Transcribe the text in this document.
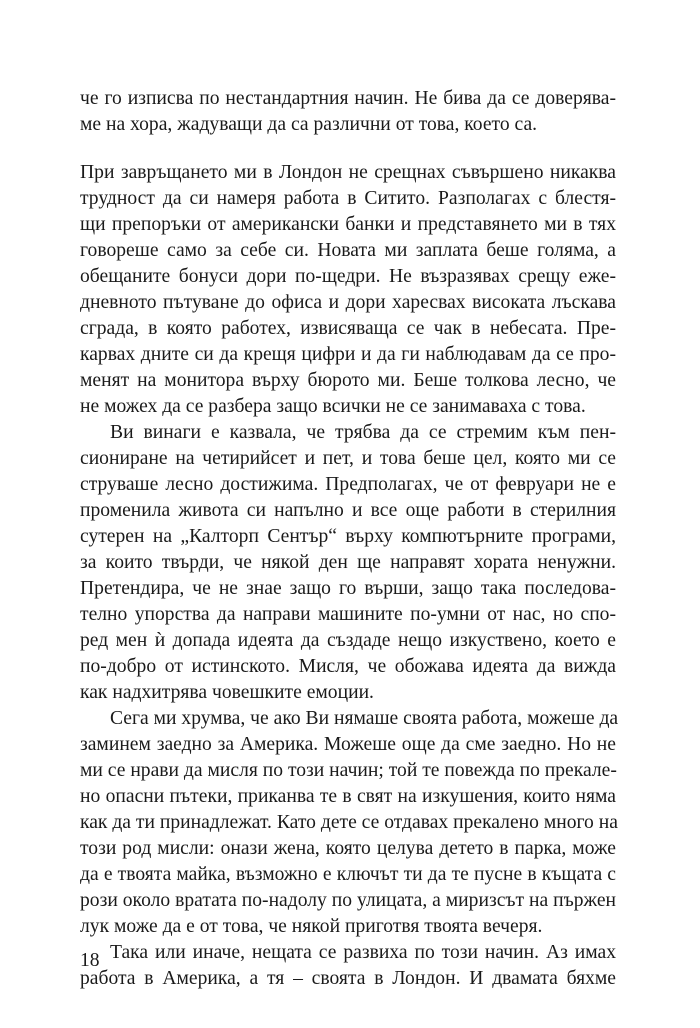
че го изписва по нестандартния начин. Не бива да се доверява-
ме на хора, жадуващи да са различни от това, което са.
При завръщането ми в Лондон не срещнах съвършено никаква
трудност да си намеря работа в Ситито. Разполагах с блестя-
щи препоръки от американски банки и представянето ми в тях
говореше само за себе си. Новата ми заплата беше голяма, а
обещаните бонуси дори по-щедри. Не възразявах срещу еже-
дневното пътуване до офиса и дори харесвах високата лъскава
сграда, в която работех, извисяваща се чак в небесата. Пре-
карвах дните си да крещя цифри и да ги наблюдавам да се про-
менят на монитора върху бюрото ми. Беше толкова лесно, че
не можех да се разбера защо всички не се занимаваха с това.
Ви винаги е казвала, че трябва да се стремим към пен-
сиониране на четирийсет и пет, и това беше цел, която ми се
струваше лесно достижима. Предполагах, че от февруари не е
променила живота си напълно и все още работи в стерилния
сутерен на „Калторп Сентър“ върху компютърните програми,
за които твърди, че някой ден ще направят хората ненужни.
Претендира, че не знае защо го върши, защо така последова-
телно упорства да направи машините по-умни от нас, но спо-
ред мен ѝ допада идеята да създаде нещо изкуствено, което е
по-добро от истинското. Мисля, че обожава идеята да вижда
как надхитрява човешките емоции.
Сега ми хрумва, че ако Ви нямаше своята работа, можеше да
заминем заедно за Америка. Можеше още да сме заедно. Но не
ми се нрави да мисля по този начин; той те повежда по прекале-
но опасни пътеки, приканва те в свят на изкушения, които няма
как да ти принадлежат. Като дете се отдавах прекалено много на
този род мисли: онази жена, която целува детето в парка, може
да е твоята майка, възможно е ключът ти да те пусне в къщата с
рози около вратата по-надолу по улицата, а миризсът на пържен
лук може да е от това, че някой приготвя твоята вечеря.
Така или иначе, нещата се развиха по този начин. Аз имах
работа в Америка, а тя – своята в Лондон. И двамата бяхме
18
